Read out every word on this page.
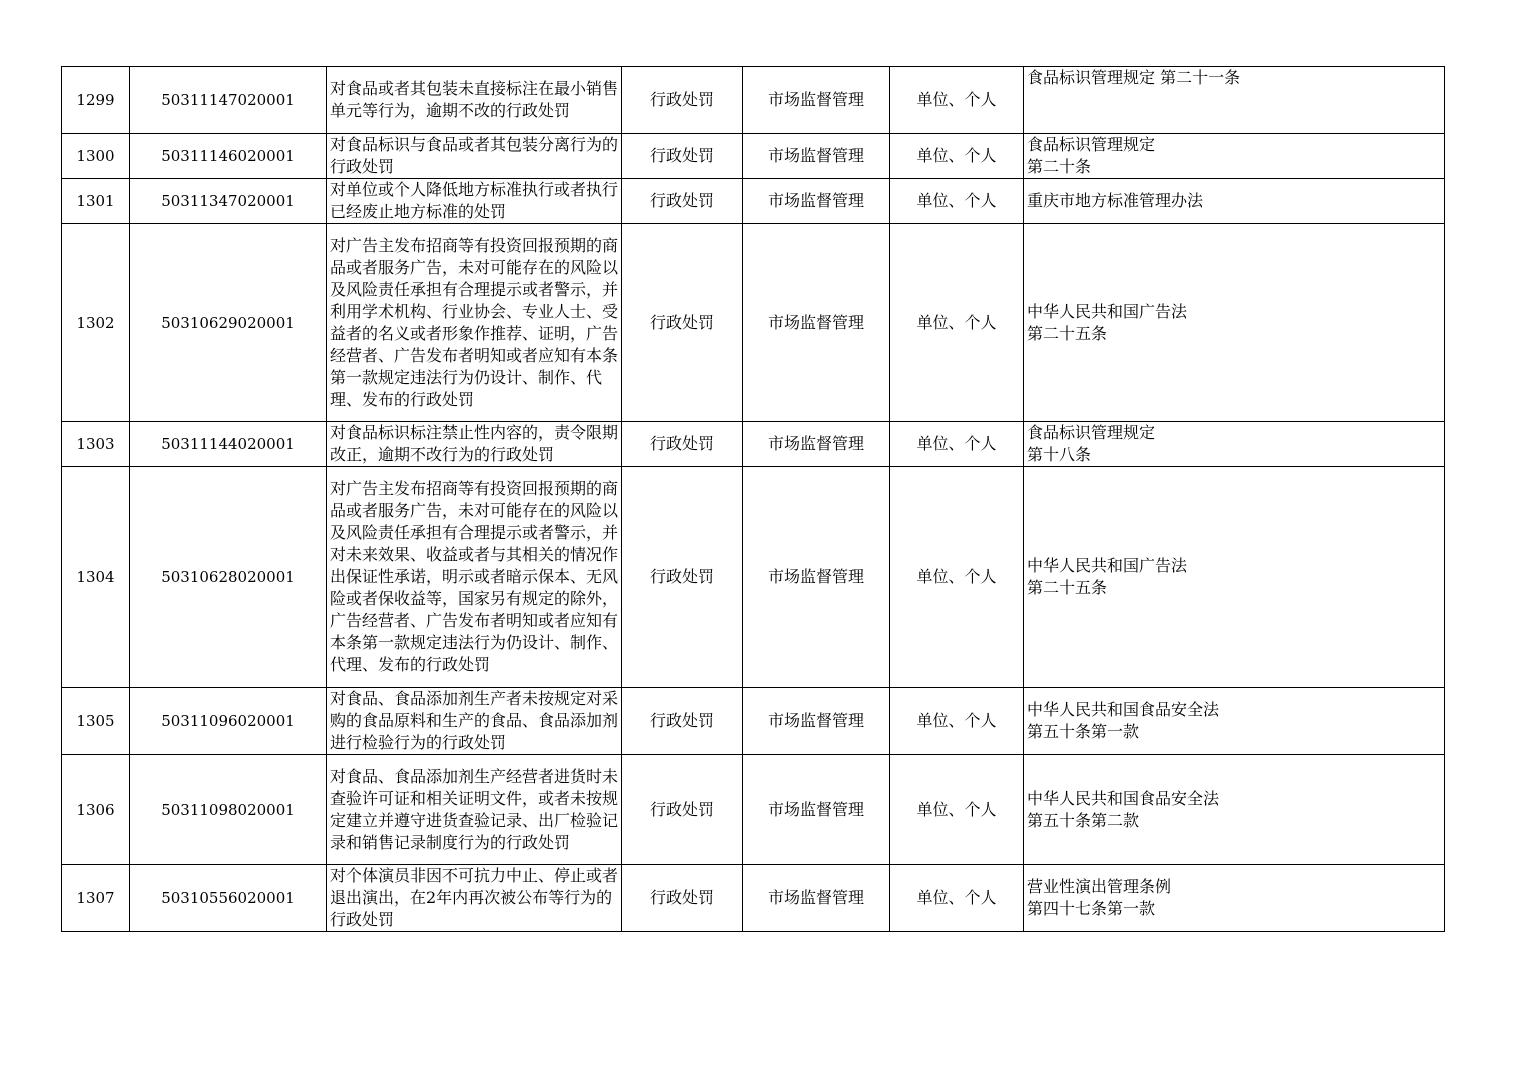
1299	50311147020001	对食品或者其包装未直接标注在最小销售单元等行为，逾期不改的行政处罚	行政处罚	市场监督管理	单位、个人	食品标识管理规定 第二十一条

1300	50311146020001	对食品标识与食品或者其包装分离行为的行政处罚	行政处罚	市场监督管理	单位、个人	食品标识管理规定
第二十条

1301	50311347020001	对单位或个人降低地方标准执行或者执行已经废止地方标准的处罚	行政处罚	市场监督管理	单位、个人	重庆市地方标准管理办法

1302	50310629020001	对广告主发布招商等有投资回报预期的商品或者服务广告，未对可能存在的风险以及风险责任承担有合理提示或者警示，并利用学术机构、行业协会、专业人士、受益者的名义或者形象作推荐、证明，广告经营者、广告发布者明知或者应知有本条第一款规定违法行为仍设计、制作、代理、发布的行政处罚	行政处罚	市场监督管理	单位、个人	中华人民共和国广告法
第二十五条

1303	50311144020001	对食品标识标注禁止性内容的，责令限期改正，逾期不改行为的行政处罚	行政处罚	市场监督管理	单位、个人	食品标识管理规定
第十八条

1304	50310628020001	对广告主发布招商等有投资回报预期的商品或者服务广告，未对可能存在的风险以及风险责任承担有合理提示或者警示，并对未来效果、收益或者与其相关的情况作出保证性承诺，明示或者暗示保本、无风险或者保收益等，国家另有规定的除外，广告经营者、广告发布者明知或者应知有本条第一款规定违法行为仍设计、制作、代理、发布的行政处罚	行政处罚	市场监督管理	单位、个人	中华人民共和国广告法
第二十五条

1305	50311096020001	对食品、食品添加剂生产者未按规定对采购的食品原料和生产的食品、食品添加剂进行检验行为的行政处罚	行政处罚	市场监督管理	单位、个人	中华人民共和国食品安全法
第五十条第一款

1306	50311098020001	对食品、食品添加剂生产经营者进货时未查验许可证和相关证明文件，或者未按规定建立并遵守进货查验记录、出厂检验记录和销售记录制度行为的行政处罚	行政处罚	市场监督管理	单位、个人	中华人民共和国食品安全法
第五十条第二款

1307	50310556020001	对个体演员非因不可抗力中止、停止或者退出演出，在2年内再次被公布等行为的行政处罚	行政处罚	市场监督管理	单位、个人	营业性演出管理条例
第四十七条第一款
